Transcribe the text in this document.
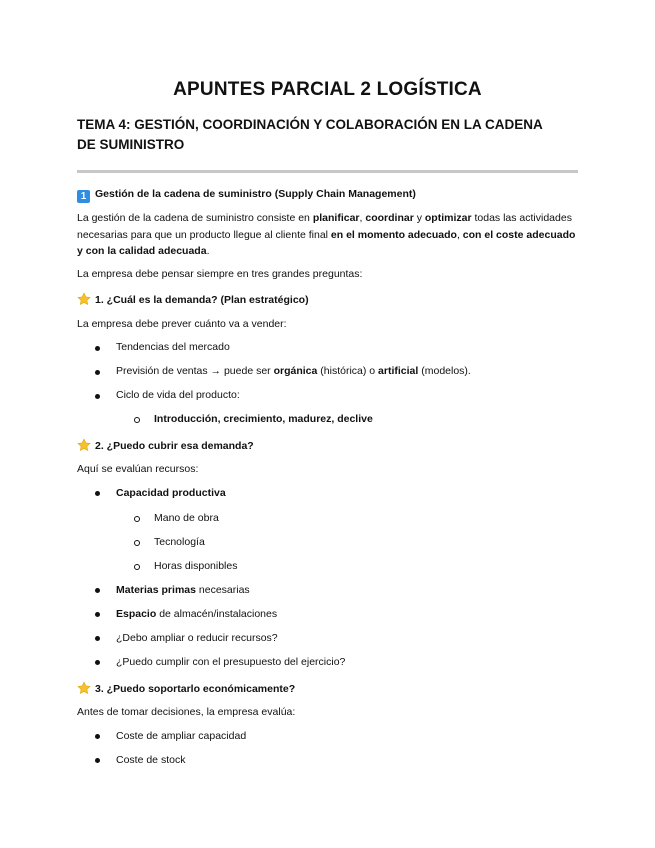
APUNTES PARCIAL 2 LOGÍSTICA
TEMA 4: GESTIÓN, COORDINACIÓN Y COLABORACIÓN EN LA CADENA DE SUMINISTRO
1 Gestión de la cadena de suministro (Supply Chain Management)
La gestión de la cadena de suministro consiste en planificar, coordinar y optimizar todas las actividades necesarias para que un producto llegue al cliente final en el momento adecuado, con el coste adecuado y con la calidad adecuada.
La empresa debe pensar siempre en tres grandes preguntas:
1. ¿Cuál es la demanda? (Plan estratégico)
La empresa debe prever cuánto va a vender:
Tendencias del mercado
Previsión de ventas → puede ser orgánica (histórica) o artificial (modelos).
Ciclo de vida del producto:
Introducción, crecimiento, madurez, declive
2. ¿Puedo cubrir esa demanda?
Aquí se evalúan recursos:
Capacidad productiva
Mano de obra
Tecnología
Horas disponibles
Materias primas necesarias
Espacio de almacén/instalaciones
¿Debo ampliar o reducir recursos?
¿Puedo cumplir con el presupuesto del ejercicio?
3. ¿Puedo soportarlo económicamente?
Antes de tomar decisiones, la empresa evalúa:
Coste de ampliar capacidad
Coste de stock
